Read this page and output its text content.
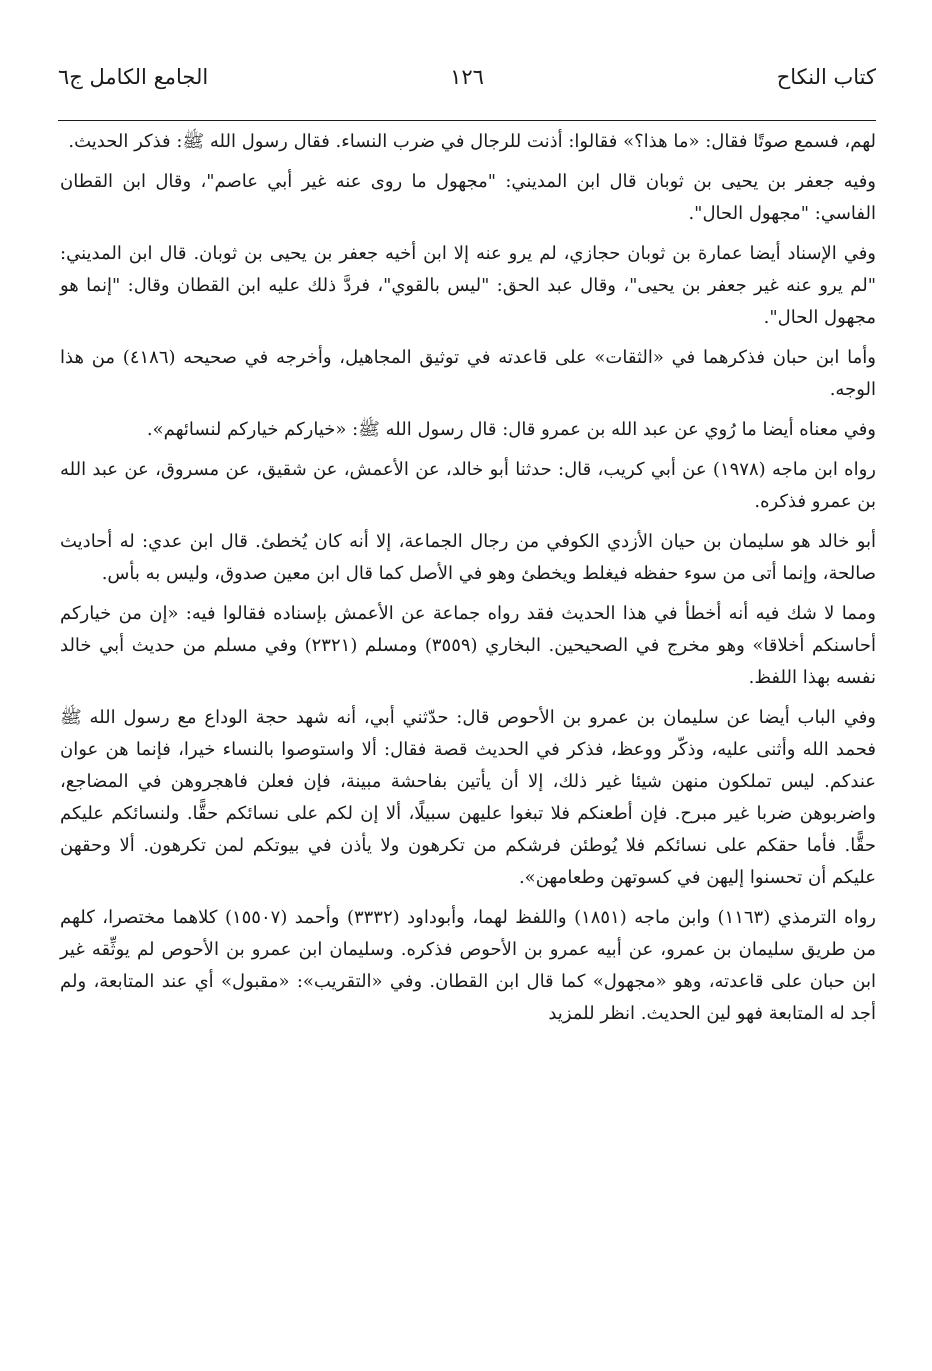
كتاب النكاح
١٢٦
الجامع الكامل ج٦

لهم، فسمع صوتًا فقال: «ما هذا؟» فقالوا: أذنت للرجال في ضرب النساء. فقال رسول الله ﷺ: فذكر الحديث.

وفيه جعفر بن يحيى بن ثوبان قال ابن المديني: "مجهول ما روى عنه غير أبي عاصم"، وقال ابن القطان الفاسي: "مجهول الحال".

وفي الإسناد أيضا عمارة بن ثوبان حجازي، لم يرو عنه إلا ابن أخيه جعفر بن يحيى بن ثوبان. قال ابن المديني: "لم يرو عنه غير جعفر بن يحيى"، وقال عبد الحق: "ليس بالقوي"، فردَّ ذلك عليه ابن القطان وقال: "إنما هو مجهول الحال".

وأما ابن حبان فذكرهما في «الثقات» على قاعدته في توثيق المجاهيل، وأخرجه في صحيحه (٤١٨٦) من هذا الوجه.

وفي معناه أيضا ما رُوي عن عبد الله بن عمرو قال: قال رسول الله ﷺ: «خياركم خياركم لنسائهم».

رواه ابن ماجه (١٩٧٨) عن أبي كريب، قال: حدثنا أبو خالد، عن الأعمش، عن شقيق، عن مسروق، عن عبد الله بن عمرو فذكره.

أبو خالد هو سليمان بن حيان الأزدي الكوفي من رجال الجماعة، إلا أنه كان يُخطئ. قال ابن عدي: له أحاديث صالحة، وإنما أتى من سوء حفظه فيغلط ويخطئ وهو في الأصل كما قال ابن معين صدوق، وليس به بأس.

ومما لا شك فيه أنه أخطأ في هذا الحديث فقد رواه جماعة عن الأعمش بإسناده فقالوا فيه: «إن من خياركم أحاسنكم أخلاقا» وهو مخرج في الصحيحين. البخاري (٣٥٥٩) ومسلم (٢٣٢١) وفي مسلم من حديث أبي خالد نفسه بهذا اللفظ.

وفي الباب أيضا عن سليمان بن عمرو بن الأحوص قال: حدّثني أبي، أنه شهد حجة الوداع مع رسول الله ﷺ فحمد الله وأثنى عليه، وذكّر ووعظ، فذكر في الحديث قصة فقال: ألا واستوصوا بالنساء خيرا، فإنما هن عوان عندكم. ليس تملكون منهن شيئا غير ذلك، إلا أن يأتين بفاحشة مبينة، فإن فعلن فاهجروهن في المضاجع، واضربوهن ضربا غير مبرح. فإن أطعنكم فلا تبغوا عليهن سبيلًا، ألا إن لكم على نسائكم حقًّا. ولنسائكم عليكم حقًّا. فأما حقكم على نسائكم فلا يُوطئن فرشكم من تكرهون ولا يأذن في بيوتكم لمن تكرهون. ألا وحقهن عليكم أن تحسنوا إليهن في كسوتهن وطعامهن».

رواه الترمذي (١١٦٣) وابن ماجه (١٨٥١) واللفظ لهما، وأبوداود (٣٣٣٢) وأحمد (١٥٥٠٧) كلاهما مختصرا، كلهم من طريق سليمان بن عمرو، عن أبيه عمرو بن الأحوص فذكره. وسليمان ابن عمرو بن الأحوص لم يوثِّقه غير ابن حبان على قاعدته، وهو «مجهول» كما قال ابن القطان. وفي «التقريب»: «مقبول» أي عند المتابعة، ولم أجد له المتابعة فهو لين الحديث. انظر للمزيد
